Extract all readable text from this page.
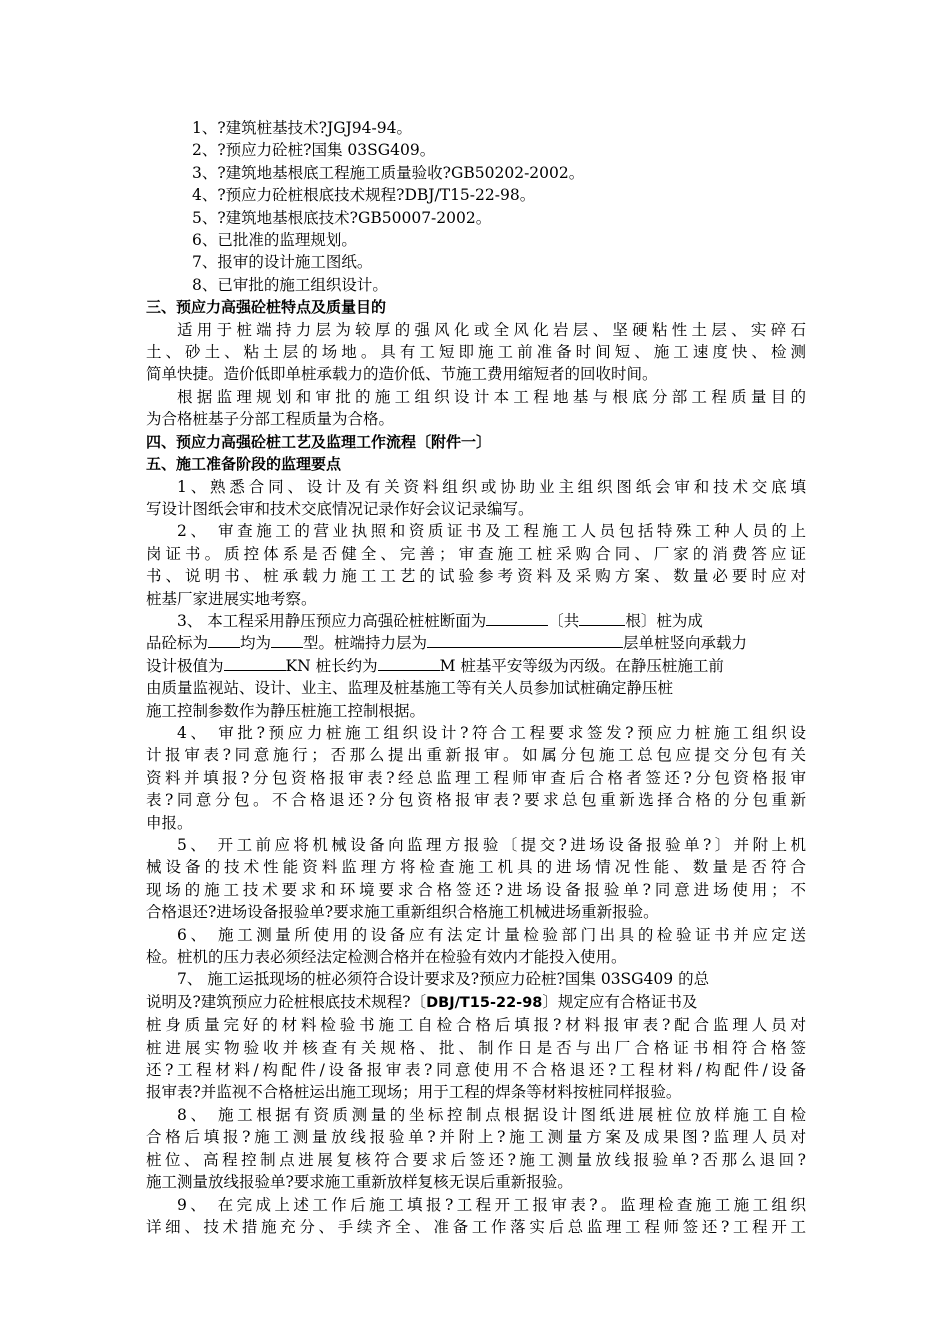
1、?建筑桩基技术?JGJ94-94。
2、?预应力砼桩?国集 03SG409。
3、?建筑地基根底工程施工质量验收?GB50202-2002。
4、?预应力砼桩根底技术规程?DBJ/T15-22-98。
5、?建筑地基根底技术?GB50007-2002。
6、已批准的监理规划。
7、报审的设计施工图纸。
8、已审批的施工组织设计。
三、预应力高强砼桩特点及质量目的
适用于桩端持力层为较厚的强风化或全风化岩层、坚硬粘性土层、实碎石
土、砂土、粘土层的场地。具有工短即施工前准备时间短、施工速度快、检测
简单快捷。造价低即单桩承载力的造价低、节施工费用缩短者的回收时间。
根据监理规划和审批的施工组织设计本工程地基与根底分部工程质量目的
为合格桩基子分部工程质量为合格。
四、预应力高强砼桩工艺及监理工作流程〔附件一〕
五、施工准备阶段的监理要点
1、熟悉合同、设计及有关资料组织或协助业主组织图纸会审和技术交底填
写设计图纸会审和技术交底情况记录作好会议记录编写。
2、 审查施工的营业执照和资质证书及工程施工人员包括特殊工种人员的上
岗证书。质控体系是否健全、完善；审查施工桩采购合同、厂家的消费答应证
书、说明书、桩承载力施工工艺的试验参考资料及采购方案、数量必要时应对
桩基厂家进展实地考察。
3、 本工程采用静压预应力高强砼桩桩断面为	〔共	根〕桩为成
品砼标为 均为 型。桩端持力层为	层单桩竖向承载力
设计极值为	KN 桩长约为	M 桩基平安等级为丙级。在静压桩施工前
由质量监视站、设计、业主、监理及桩基施工等有关人员参加试桩确定静压桩
施工控制参数作为静压桩施工控制根据。
4、 审批?预应力桩施工组织设计?符合工程要求签发?预应力桩施工组织设
计报审表?同意施行；否那么提出重新报审。如属分包施工总包应提交分包有关
资料并填报?分包资格报审表?经总监理工程师审查后合格者签还?分包资格报审
表?同意分包。不合格退还?分包资格报审表?要求总包重新选择合格的分包重新
申报。
5、 开工前应将机械设备向监理方报验〔提交?进场设备报验单?〕并附上机
械设备的技术性能资料监理方将检查施工机具的进场情况性能、数量是否符合
现场的施工技术要求和环境要求合格签还?进场设备报验单?同意进场使用；不
合格退还?进场设备报验单?要求施工重新组织合格施工机械进场重新报验。
6、 施工测量所使用的设备应有法定计量检验部门出具的检验证书并应定送
检。桩机的压力表必须经法定检测合格并在检验有效内才能投入使用。
7、 施工运抵现场的桩必须符合设计要求及?预应力砼桩?国集 03SG409 的总
说明及?建筑预应力砼桩根底技术规程?〔DBJ/T15-22-98〕规定应有合格证书及
桩身质量完好的材料检验书施工自检合格后填报?材料报审表?配合监理人员对
桩进展实物验收并核查有关规格、批、制作日是否与出厂合格证书相符合格签
还?工程材料/构配件/设备报审表?同意使用不合格退还?工程材料/构配件/设备
报审表?并监视不合格桩运出施工现场；用于工程的焊条等材料按桩同样报验。
8、 施工根据有资质测量的坐标控制点根据设计图纸进展桩位放样施工自检
合格后填报?施工测量放线报验单?并附上?施工测量方案及成果图?监理人员对
桩位、高程控制点进展复核符合要求后签还?施工测量放线报验单?否那么退回?
施工测量放线报验单?要求施工重新放样复核无误后重新报验。
9、 在完成上述工作后施工填报?工程开工报审表?。监理检查施工施工组织
详细、技术措施充分、手续齐全、准备工作落实后总监理工程师签还?工程开工
